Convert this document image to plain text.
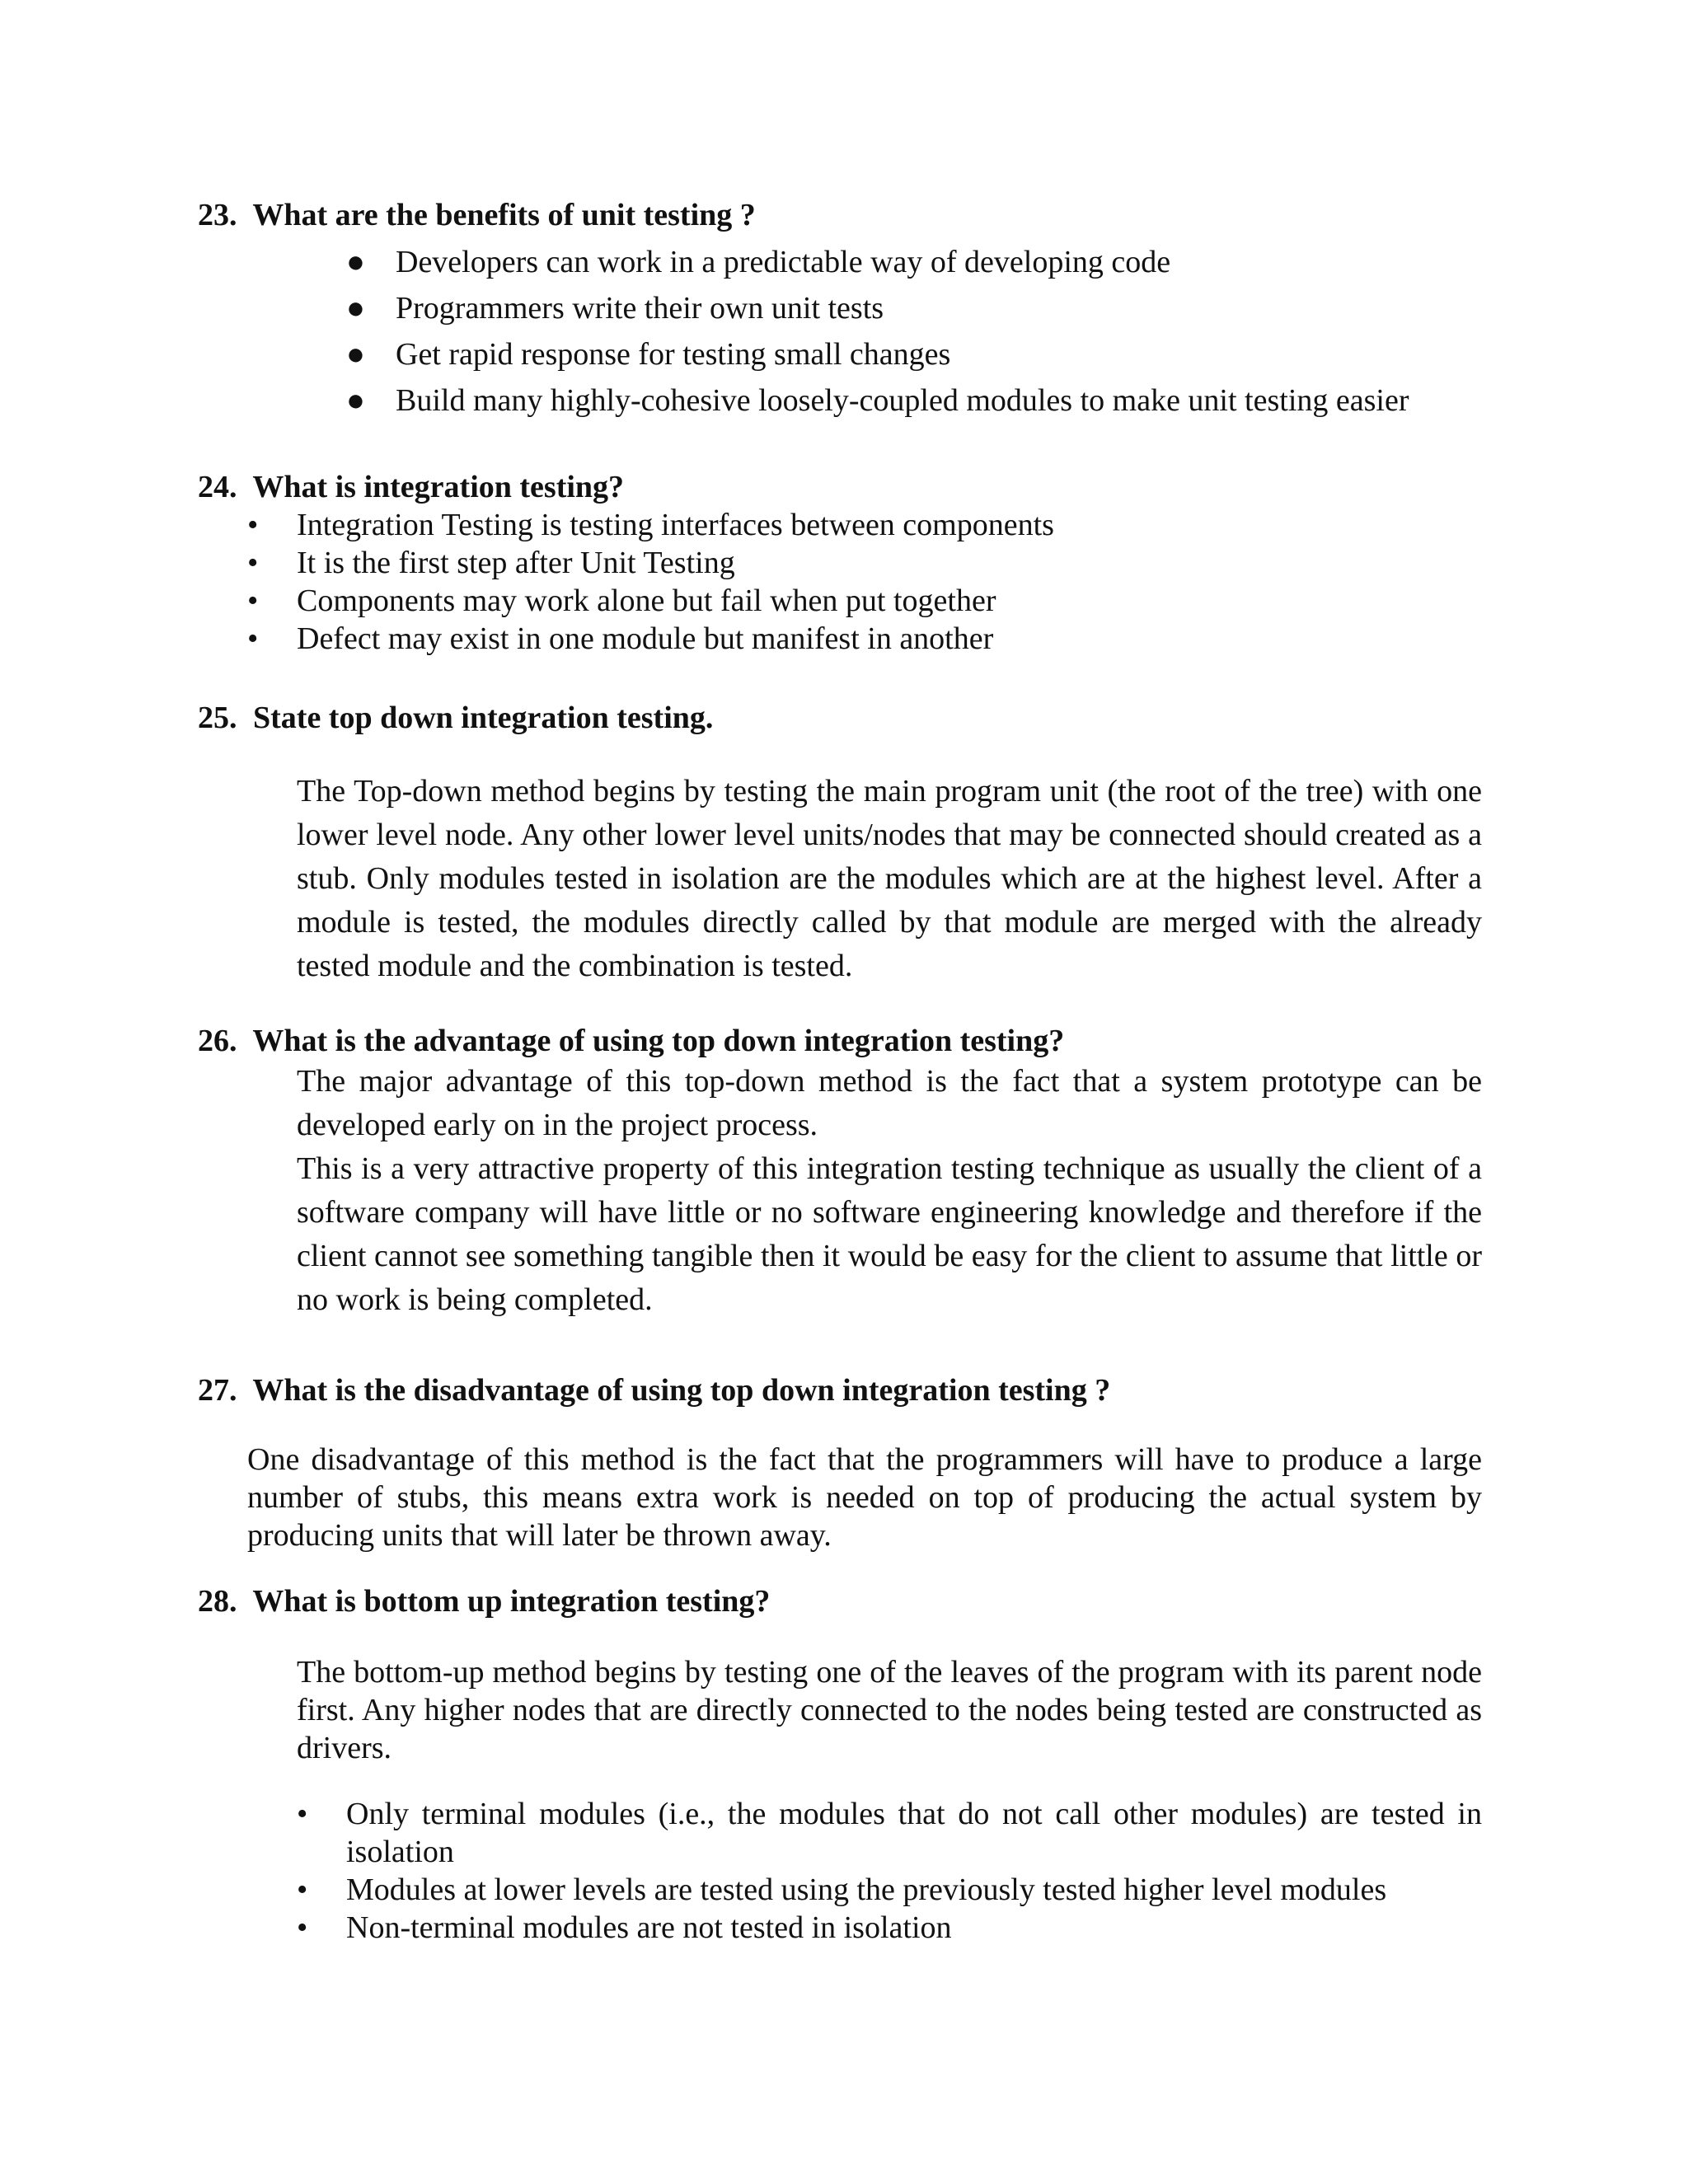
23. What are the benefits of unit testing ?

● Developers can work in a predictable way of developing code
● Programmers write their own unit tests
● Get rapid response for testing small changes
● Build many highly-cohesive loosely-coupled modules to make unit testing easier

24. What is integration testing?

• Integration Testing is testing interfaces between components
• It is the first step after Unit Testing
• Components may work alone but fail when put together
• Defect may exist in one module but manifest in another

25. State top down integration testing.

The Top-down method begins by testing the main program unit (the root of the tree) with one lower level node. Any other lower level units/nodes that may be connected should created as a stub. Only modules tested in isolation are the modules which are at the highest level. After a module is tested, the modules directly called by that module are merged with the already tested module and the combination is tested.

26. What is the advantage of using top down integration testing?

The major advantage of this top-down method is the fact that a system prototype can be developed early on in the project process.

This is a very attractive property of this integration testing technique as usually the client of a software company will have little or no software engineering knowledge and therefore if the client cannot see something tangible then it would be easy for the client to assume that little or no work is being completed.

27. What is the disadvantage of using top down integration testing ?

One disadvantage of this method is the fact that the programmers will have to produce a large number of stubs, this means extra work is needed on top of producing the actual system by producing units that will later be thrown away.

28. What is bottom up integration testing?

The bottom-up method begins by testing one of the leaves of the program with its parent node first. Any higher nodes that are directly connected to the nodes being tested are constructed as drivers.

• Only terminal modules (i.e., the modules that do not call other modules) are tested in isolation
• Modules at lower levels are tested using the previously tested higher level modules
• Non-terminal modules are not tested in isolation
